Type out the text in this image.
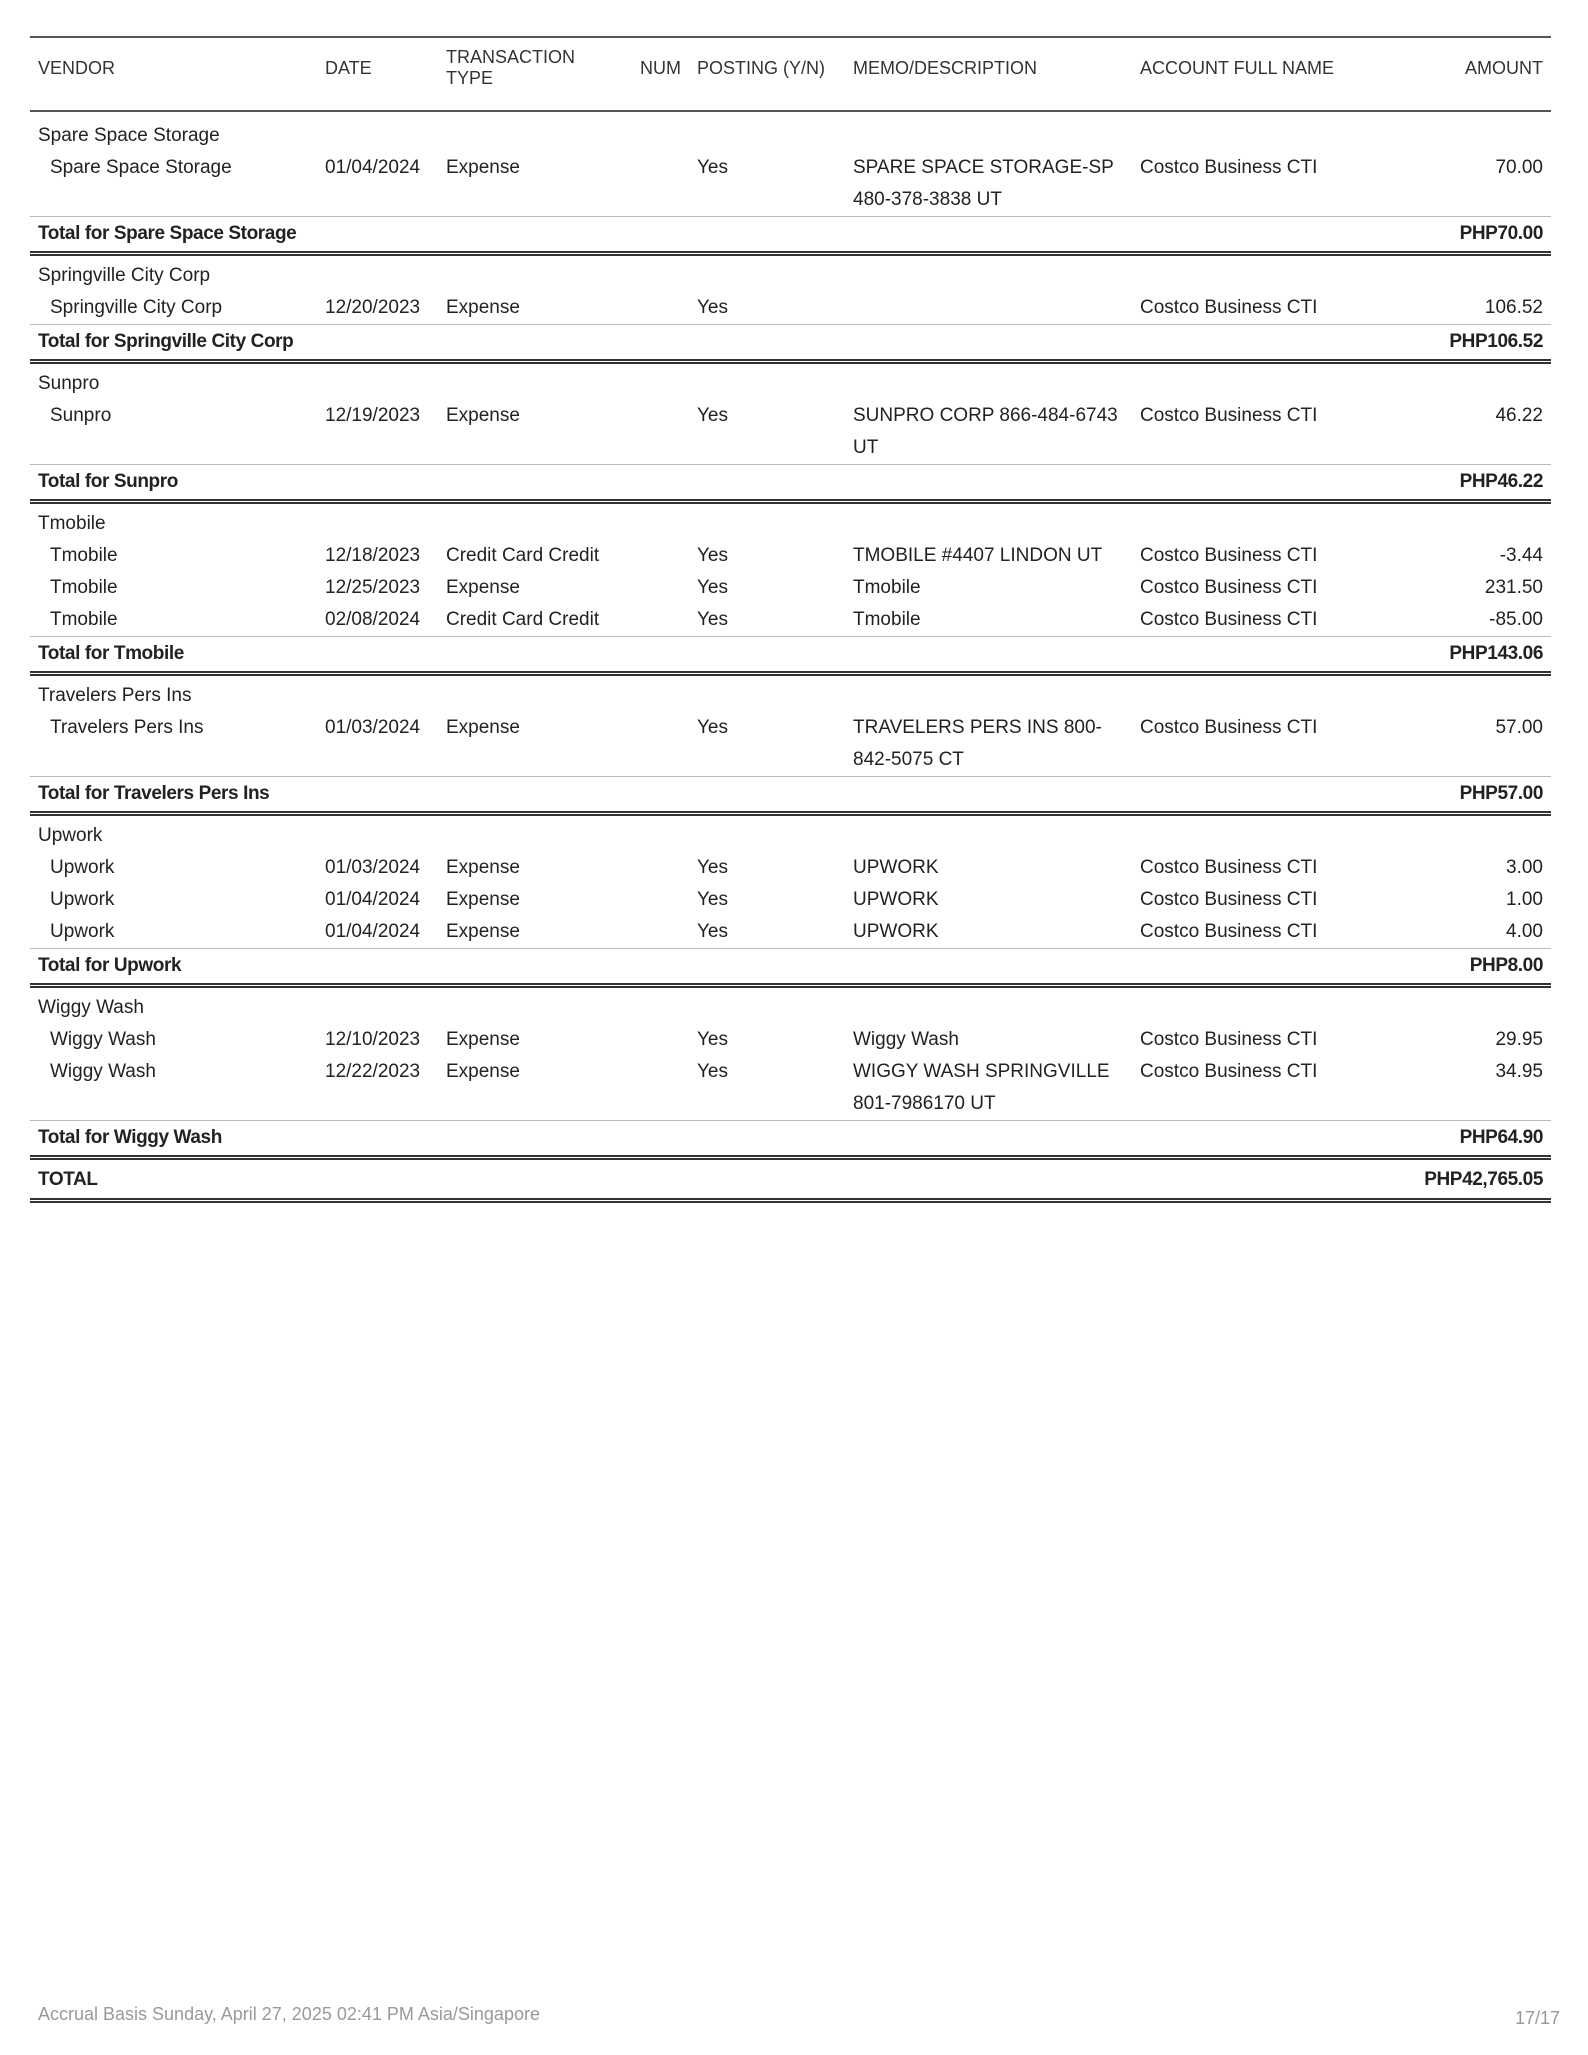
VENDOR	DATE	TRANSACTION TYPE	NUM	POSTING (Y/N)	MEMO/DESCRIPTION	ACCOUNT FULL NAME	AMOUNT
Spare Space Storage							
Spare Space Storage	01/04/2024	Expense		Yes	SPARE SPACE STORAGE-SP 480-378-3838 UT	Costco Business CTI	70.00
Total for Spare Space Storage							PHP70.00
Springville City Corp							
Springville City Corp	12/20/2023	Expense		Yes		Costco Business CTI	106.52
Total for Springville City Corp							PHP106.52
Sunpro							
Sunpro	12/19/2023	Expense		Yes	SUNPRO CORP 866-484-6743 UT	Costco Business CTI	46.22
Total for Sunpro							PHP46.22
Tmobile							
Tmobile	12/18/2023	Credit Card Credit		Yes	TMOBILE #4407 LINDON UT	Costco Business CTI	-3.44
Tmobile	12/25/2023	Expense		Yes	Tmobile	Costco Business CTI	231.50
Tmobile	02/08/2024	Credit Card Credit		Yes	Tmobile	Costco Business CTI	-85.00
Total for Tmobile							PHP143.06
Travelers Pers Ins							
Travelers Pers Ins	01/03/2024	Expense		Yes	TRAVELERS PERS INS 800-842-5075 CT	Costco Business CTI	57.00
Total for Travelers Pers Ins							PHP57.00
Upwork							
Upwork	01/03/2024	Expense		Yes	UPWORK	Costco Business CTI	3.00
Upwork	01/04/2024	Expense		Yes	UPWORK	Costco Business CTI	1.00
Upwork	01/04/2024	Expense		Yes	UPWORK	Costco Business CTI	4.00
Total for Upwork							PHP8.00
Wiggy Wash							
Wiggy Wash	12/10/2023	Expense		Yes	Wiggy Wash	Costco Business CTI	29.95
Wiggy Wash	12/22/2023	Expense		Yes	WIGGY WASH SPRINGVILLE 801-7986170 UT	Costco Business CTI	34.95
Total for Wiggy Wash							PHP64.90
TOTAL							PHP42,765.05
Accrual Basis Sunday, April 27, 2025 02:41 PM Asia/Singapore	17/17
